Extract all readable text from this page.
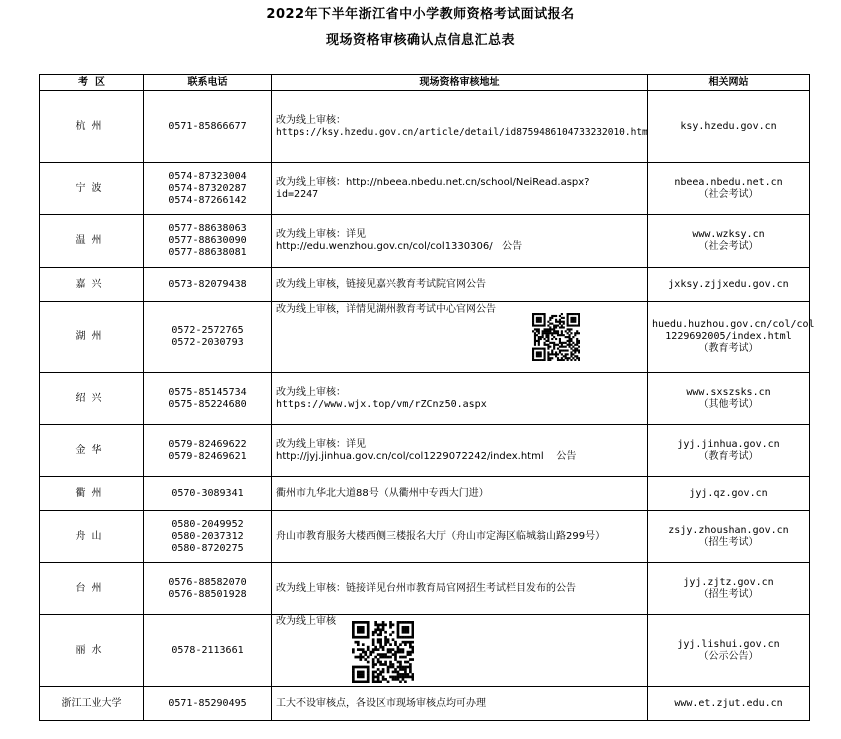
2022年下半年浙江省中小学教师资格考试面试报名
现场资格审核确认点信息汇总表
考  区	联系电话	现场资格审核地址	相关网站
杭州	0571-85866677	改为线上审核：
https://ksy.hzedu.gov.cn/article/detail/id8759486104733232010.htm	ksy.hzedu.gov.cn

宁波	0574-87323004
0574-87320287
0574-87266142	改为线上审核：http://nbeea.nbedu.net.cn/school/NeiRead.aspx?
id=2247	nbeea.nbedu.net.cn
（社会考试）

温州	0577-88638063
0577-88630090
0577-88638081	改为线上审核：详见
http://edu.wenzhou.gov.cn/col/col1330306/   公告	www.wzksy.cn
（社会考试）

嘉兴	0573-82079438	改为线上审核，链接见嘉兴教育考试院官网公告	jxksy.zjjxedu.gov.cn

湖州	0572-2572765
0572-2030793	改为线上审核，详情见湖州教育考试中心官网公告	huedu.huzhou.gov.cn/col/col
1229692005/index.html
（教育考试）

绍兴	0575-85145734
0575-85224680	改为线上审核：
https://www.wjx.top/vm/rZCnz50.aspx	www.sxszsks.cn
（其他考试）

金华	0579-82469622
0579-82469621	改为线上审核：详见
http://jyj.jinhua.gov.cn/col/col1229072242/index.html    公告	jyj.jinhua.gov.cn
（教育考试）

衢州	0570-3089341	衢州市九华北大道88号（从衢州中专西大门进）	jyj.qz.gov.cn

舟山	0580-2049952
0580-2037312
0580-8720275	舟山市教育服务大楼西侧三楼报名大厅（舟山市定海区临城翁山路299号）	zsjy.zhoushan.gov.cn
（招生考试）

台州	0576-88582070
0576-88501928	改为线上审核：链接详见台州市教育局官网招生考试栏目发布的公告	jyj.zjtz.gov.cn
（招生考试）

丽水	0578-2113661	改为线上审核	jyj.lishui.gov.cn
（公示公告）

浙江工业大学	0571-85290495	工大不设审核点，各设区市现场审核点均可办理	www.et.zjut.edu.cn
